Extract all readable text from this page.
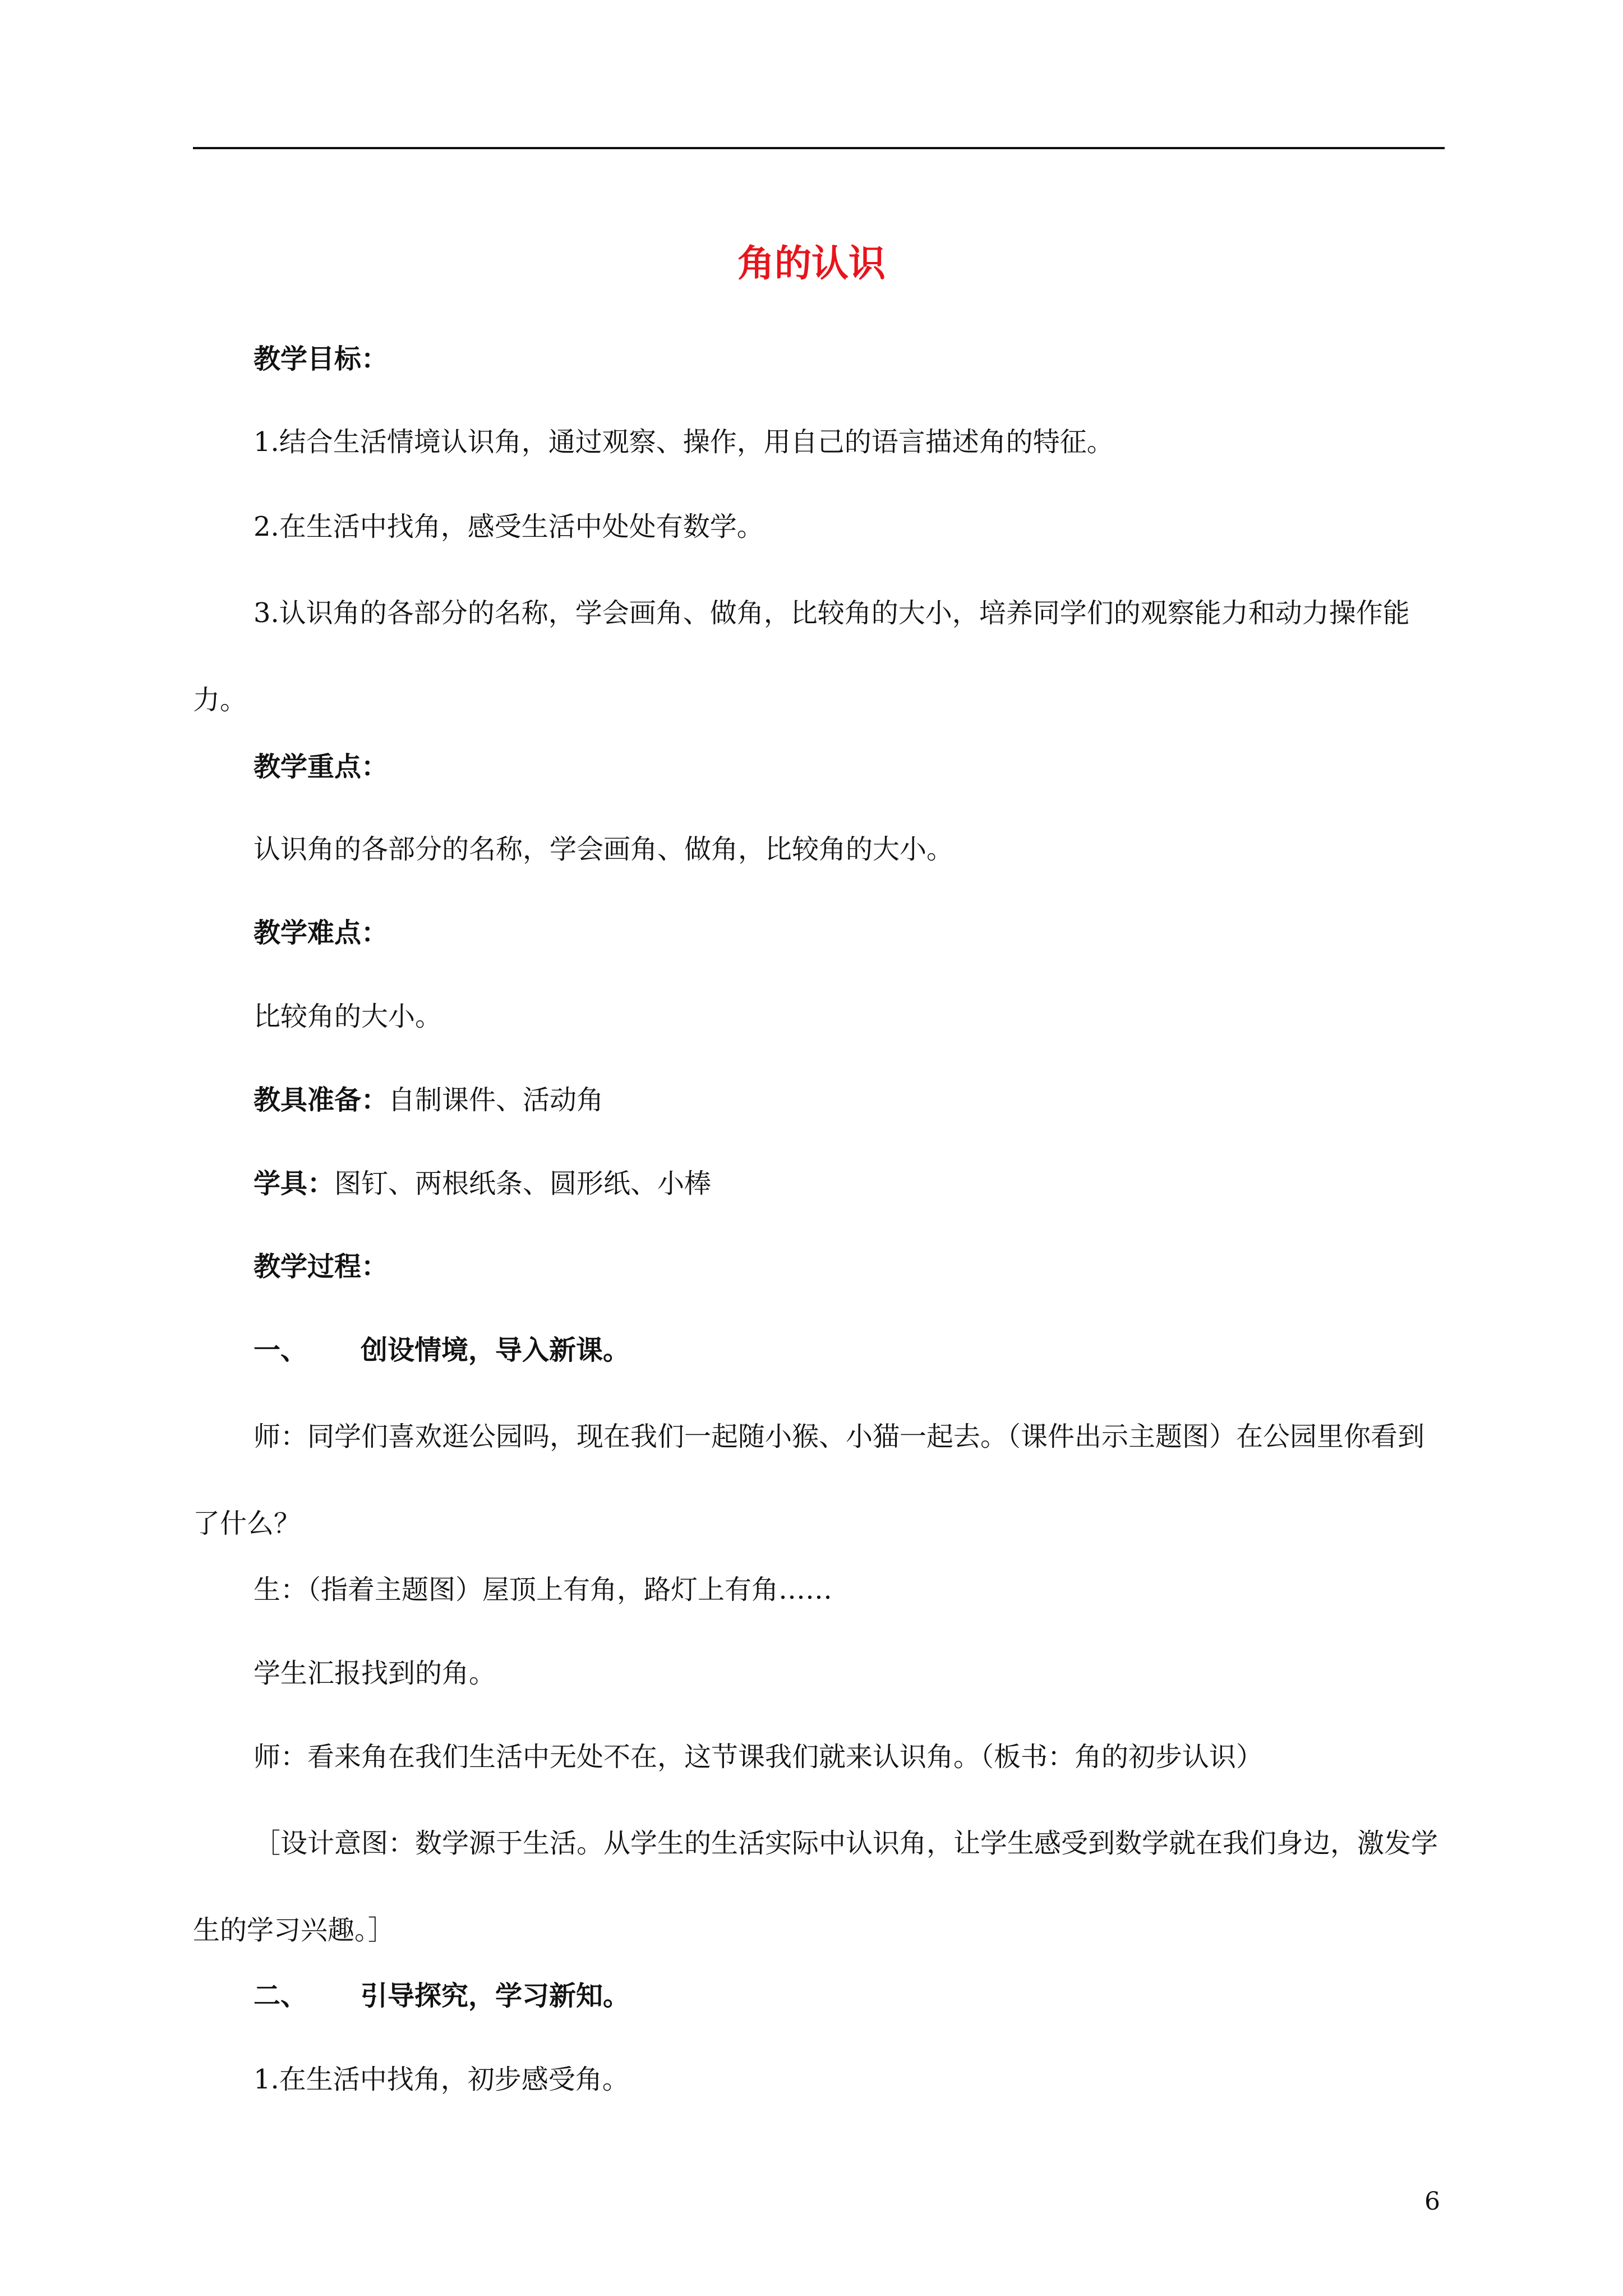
角的认识
教学目标：
1.结合生活情境认识角，通过观察、操作，用自己的语言描述角的特征。
2.在生活中找角，感受生活中处处有数学。
3.认识角的各部分的名称，学会画角、做角，比较角的大小，培养同学们的观察能力和动力操作能力。
教学重点：
认识角的各部分的名称，学会画角、做角，比较角的大小。
教学难点：
比较角的大小。
教具准备：自制课件、活动角
学具：图钉、两根纸条、圆形纸、小棒
教学过程：
一、 创设情境，导入新课。
师：同学们喜欢逛公园吗，现在我们一起随小猴、小猫一起去。（课件出示主题图）在公园里你看到了什么？
生：（指着主题图）屋顶上有角，路灯上有角……
学生汇报找到的角。
师：看来角在我们生活中无处不在，这节课我们就来认识角。（板书：角的初步认识）
［设计意图：数学源于生活。从学生的生活实际中认识角，让学生感受到数学就在我们身边，激发学生的学习兴趣。］
二、 引导探究，学习新知。
1.在生活中找角，初步感受角。
6
